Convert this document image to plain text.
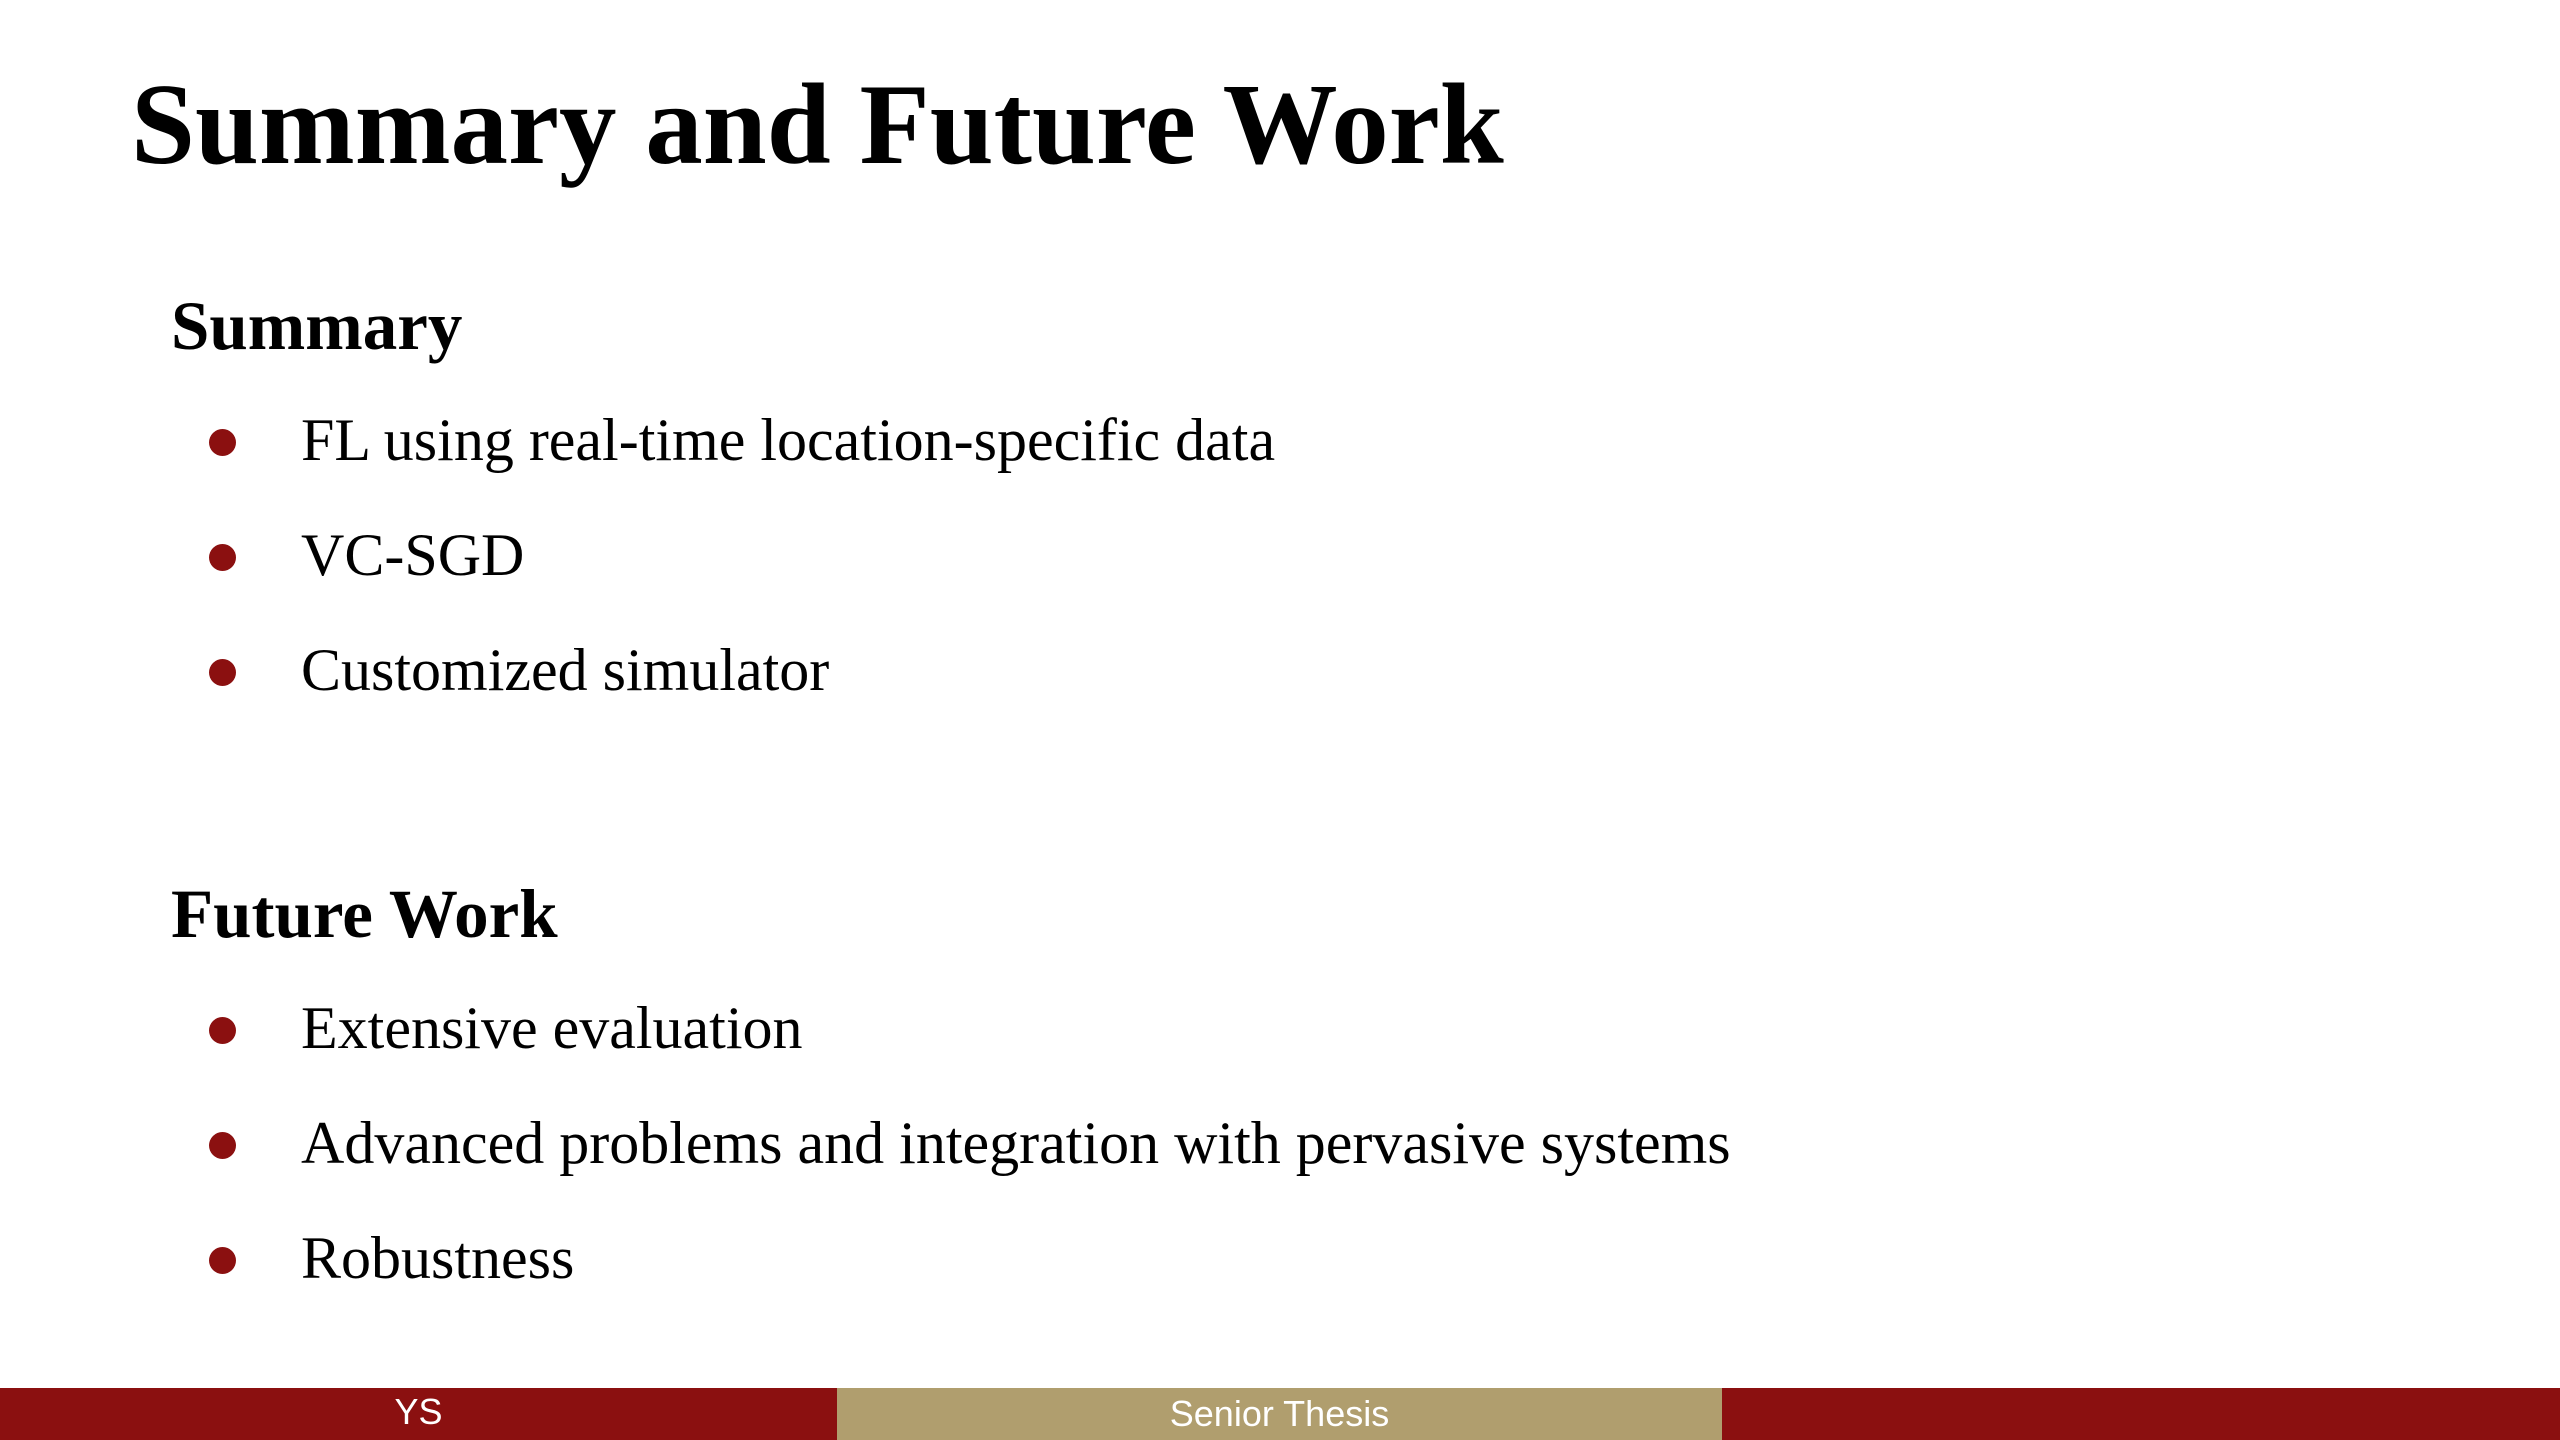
Summary and Future Work
Summary
FL using real-time location-specific data
VC-SGD
Customized simulator
Future Work
Extensive evaluation
Advanced problems and integration with pervasive systems
Robustness
YS	Senior Thesis
